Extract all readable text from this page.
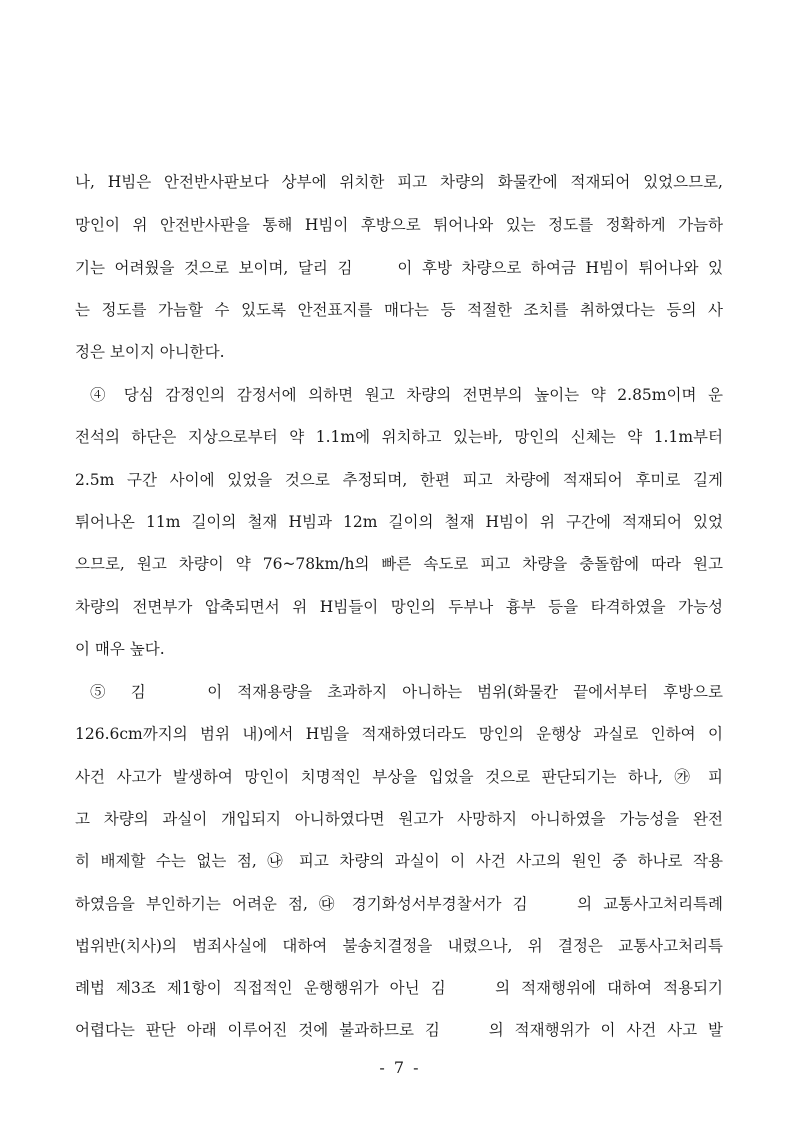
나, H빔은 안전반사판보다 상부에 위치한 피고 차량의 화물칸에 적재되어 있었으므로,
망인이 위 안전반사판을 통해 H빔이 후방으로 튀어나와 있는 정도를 정확하게 가늠하
기는 어려웠을 것으로 보이며, 달리 김　　이 후방 차량으로 하여금 H빔이 튀어나와 있
는 정도를 가늠할 수 있도록 안전표지를 매다는 등 적절한 조치를 취하였다는 등의 사
정은 보이지 아니한다.
④ 당심 감정인의 감정서에 의하면 원고 차량의 전면부의 높이는 약 2.85m이며 운
전석의 하단은 지상으로부터 약 1.1m에 위치하고 있는바, 망인의 신체는 약 1.1m부터
2.5m 구간 사이에 있었을 것으로 추정되며, 한편 피고 차량에 적재되어 후미로 길게
튀어나온 11m 길이의 철재 H빔과 12m 길이의 철재 H빔이 위 구간에 적재되어 있었
으므로, 원고 차량이 약 76~78km/h의 빠른 속도로 피고 차량을 충돌함에 따라 원고
차량의 전면부가 압축되면서 위 H빔들이 망인의 두부나 흉부 등을 타격하였을 가능성
이 매우 높다.
⑤ 김　　이 적재용량을 초과하지 아니하는 범위(화물칸 끝에서부터 후방으로
126.6cm까지의 범위 내)에서 H빔을 적재하였더라도 망인의 운행상 과실로 인하여 이
사건 사고가 발생하여 망인이 치명적인 부상을 입었을 것으로 판단되기는 하나, ㉮ 피
고 차량의 과실이 개입되지 아니하였다면 원고가 사망하지 아니하였을 가능성을 완전
히 배제할 수는 없는 점, ㉯ 피고 차량의 과실이 이 사건 사고의 원인 중 하나로 작용
하였음을 부인하기는 어려운 점, ㉰ 경기화성서부경찰서가 김　　의 교통사고처리특례
법위반(치사)의 범죄사실에 대하여 불송치결정을 내렸으나, 위 결정은 교통사고처리특
례법 제3조 제1항이 직접적인 운행행위가 아닌 김　　의 적재행위에 대하여 적용되기
어렵다는 판단 아래 이루어진 것에 불과하므로 김　　의 적재행위가 이 사건 사고 발
- 7 -
